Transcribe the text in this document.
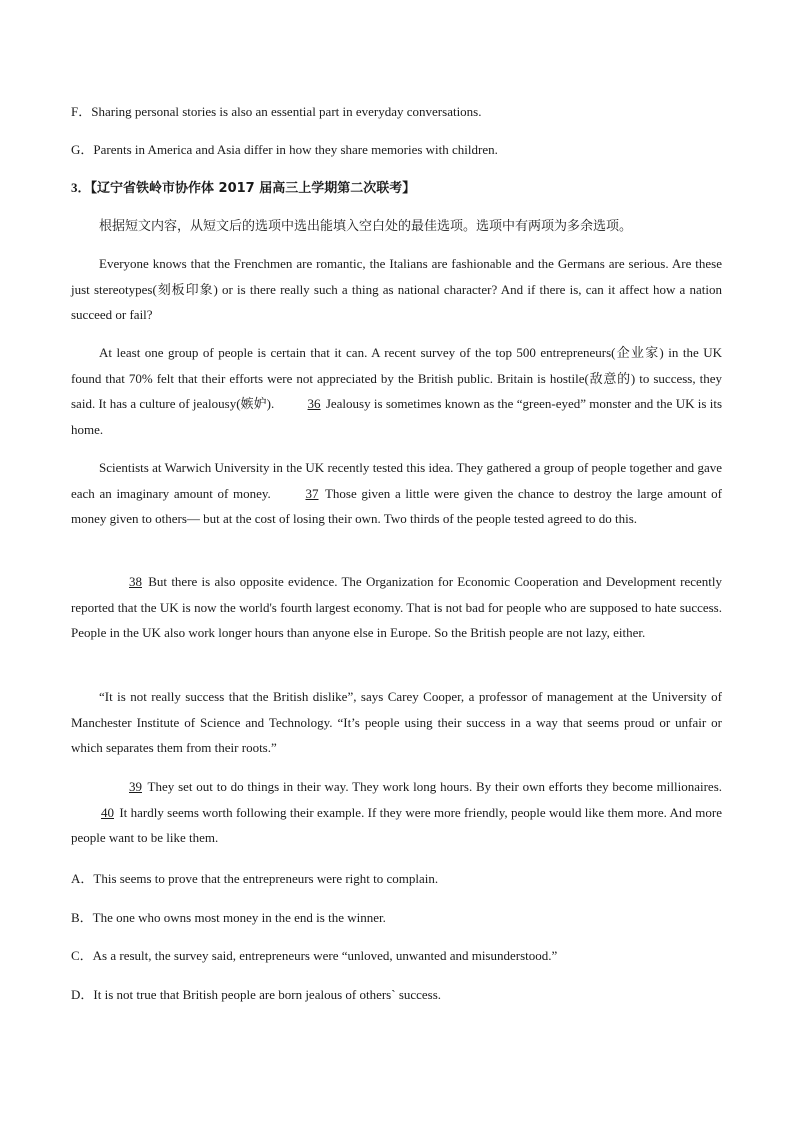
F．Sharing personal stories is also an essential part in everyday conversations.
G．Parents in America and Asia differ in how they share memories with children.
3．【辽宁省铁岭市协作体 2017 届高三上学期第二次联考】
根据短文内容，从短文后的选项中选出能填入空白处的最佳选项。选项中有两项为多余选项。
Everyone knows that the Frenchmen are romantic, the Italians are fashionable and the Germans are serious. Are these just stereotypes(刻板印象) or is there really such a thing as national character? And if there is, can it affect how a nation succeed or fail?
At least one group of people is certain that it can. A recent survey of the top 500 entrepreneurs(企业家) in the UK found that 70% felt that their efforts were not appreciated by the British public. Britain is hostile(敌意的) to success, they said. It has a culture of jealousy(嫉妒). 36 Jealousy is sometimes known as the “green-eyed” monster and the UK is its home.
Scientists at Warwich University in the UK recently tested this idea. They gathered a group of people together and gave each an imaginary amount of money. 37 Those given a little were given the chance to destroy the large amount of money given to others— but at the cost of losing their own. Two thirds of the people tested agreed to do this.
38 But there is also opposite evidence. The Organization for Economic Cooperation and Development recently reported that the UK is now the world's fourth largest economy. That is not bad for people who are supposed to hate success. People in the UK also work longer hours than anyone else in Europe. So the British people are not lazy, either.
“It is not really success that the British dislike”, says Carey Cooper, a professor of management at the University of Manchester Institute of Science and Technology. “It’s people using their success in a way that seems proud or unfair or which separates them from their roots.”
39 They set out to do things in their way. They work long hours. By their own efforts they become millionaires. 40 It hardly seems worth following their example. If they were more friendly, people would like them more. And more people want to be like them.
A．This seems to prove that the entrepreneurs were right to complain.
B．The one who owns most money in the end is the winner.
C．As a result, the survey said, entrepreneurs were “unloved, unwanted and misunderstood.”
D．It is not true that British people are born jealous of others` success.
